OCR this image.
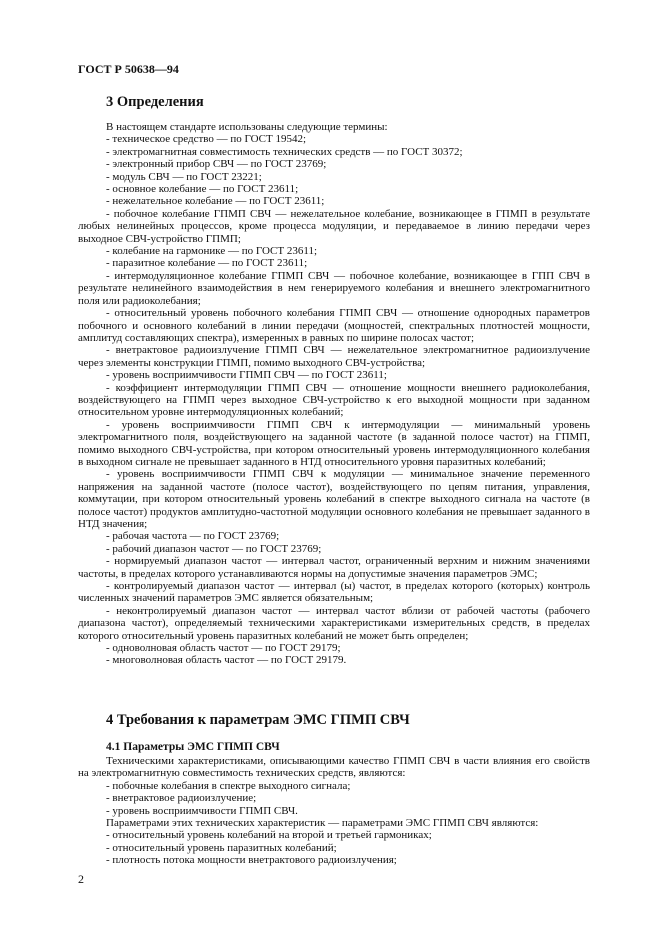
ГОСТ Р 50638—94
3 Определения

В настоящем стандарте использованы следующие термины:

- техническое средство — по ГОСТ 19542;

- электромагнитная совместимость технических средств — по ГОСТ 30372;

- электронный прибор СВЧ — по ГОСТ 23769;

- модуль СВЧ — по ГОСТ 23221;

- основное колебание — по ГОСТ 23611;

- нежелательное колебание — по ГОСТ 23611;

- побочное колебание ГПМП СВЧ — нежелательное колебание, возникающее в ГПМП в результате любых нелинейных процессов, кроме процесса модуляции, и передаваемое в линию передачи через выходное СВЧ-устройство ГПМП;

- колебание на гармонике — по ГОСТ 23611;

- паразитное колебание — по ГОСТ 23611;

- интермодуляционное колебание ГПМП СВЧ — побочное колебание, возникающее в ГПП СВЧ в результате нелинейного взаимодействия в нем генерируемого колебания и внешнего электромагнитного поля или радиоколебания;

- относительный уровень побочного колебания ГПМП СВЧ — отношение однородных параметров побочного и основного колебаний в линии передачи (мощностей, спектральных плотностей мощности, амплитуд составляющих спектра), измеренных в равных по ширине полосах частот;

- внетрактовое радиоизлучение ГПМП СВЧ — нежелательное электромагнитное радиоизлучение через элементы конструкции ГПМП, помимо выходного СВЧ-устройства;

- уровень восприимчивости ГПМП СВЧ — по ГОСТ 23611;

- коэффициент интермодуляции ГПМП СВЧ — отношение мощности внешнего радиоколебания, воздействующего на ГПМП через выходное СВЧ-устройство к его выходной мощности при заданном относительном уровне интермодуляционных колебаний;

- уровень восприимчивости ГПМП СВЧ к интермодуляции — минимальный уровень электромагнитного поля, воздействующего на заданной частоте (в заданной полосе частот) на ГПМП, помимо выходного СВЧ-устройства, при котором относительный уровень интермодуляционного колебания в выходном сигнале не превышает заданного в НТД относительного уровня паразитных колебаний;

- уровень восприимчивости ГПМП СВЧ к модуляции — минимальное значение переменного напряжения на заданной частоте (полосе частот), воздействующего по цепям питания, управления, коммутации, при котором относительный уровень колебаний в спектре выходного сигнала на частоте (в полосе частот) продуктов амплитудно-частотной модуляции основного колебания не превышает заданного в НТД значения;

- рабочая частота — по ГОСТ 23769;

- рабочий диапазон частот — по ГОСТ 23769;

- нормируемый диапазон частот — интервал частот, ограниченный верхним и нижним значениями частоты, в пределах которого устанавливаются нормы на допустимые значения параметров ЭМС;

- контролируемый диапазон частот — интервал (ы) частот, в пределах которого (которых) контроль численных значений параметров ЭМС является обязательным;

- неконтролируемый диапазон частот — интервал частот вблизи от рабочей частоты (рабочего диапазона частот), определяемый техническими характеристиками измерительных средств, в пределах которого относительный уровень паразитных колебаний не может быть определен;

- одноволновая область частот — по ГОСТ 29179;

- многоволновая область частот — по ГОСТ 29179.

4 Требования к параметрам ЭМС ГПМП СВЧ
4.1 Параметры ЭМС ГПМП СВЧ

Техническими характеристиками, описывающими качество ГПМП СВЧ в части влияния его свойств на электромагнитную совместимость технических средств, являются:

- побочные колебания в спектре выходного сигнала;

- внетрактовое радиоизлучение;

- уровень восприимчивости ГПМП СВЧ.

Параметрами этих технических характеристик — параметрами ЭМС ГПМП СВЧ являются:

- относительный уровень колебаний на второй и третьей гармониках;

- относительный уровень паразитных колебаний;

- плотность потока мощности внетрактового радиоизлучения;

2
